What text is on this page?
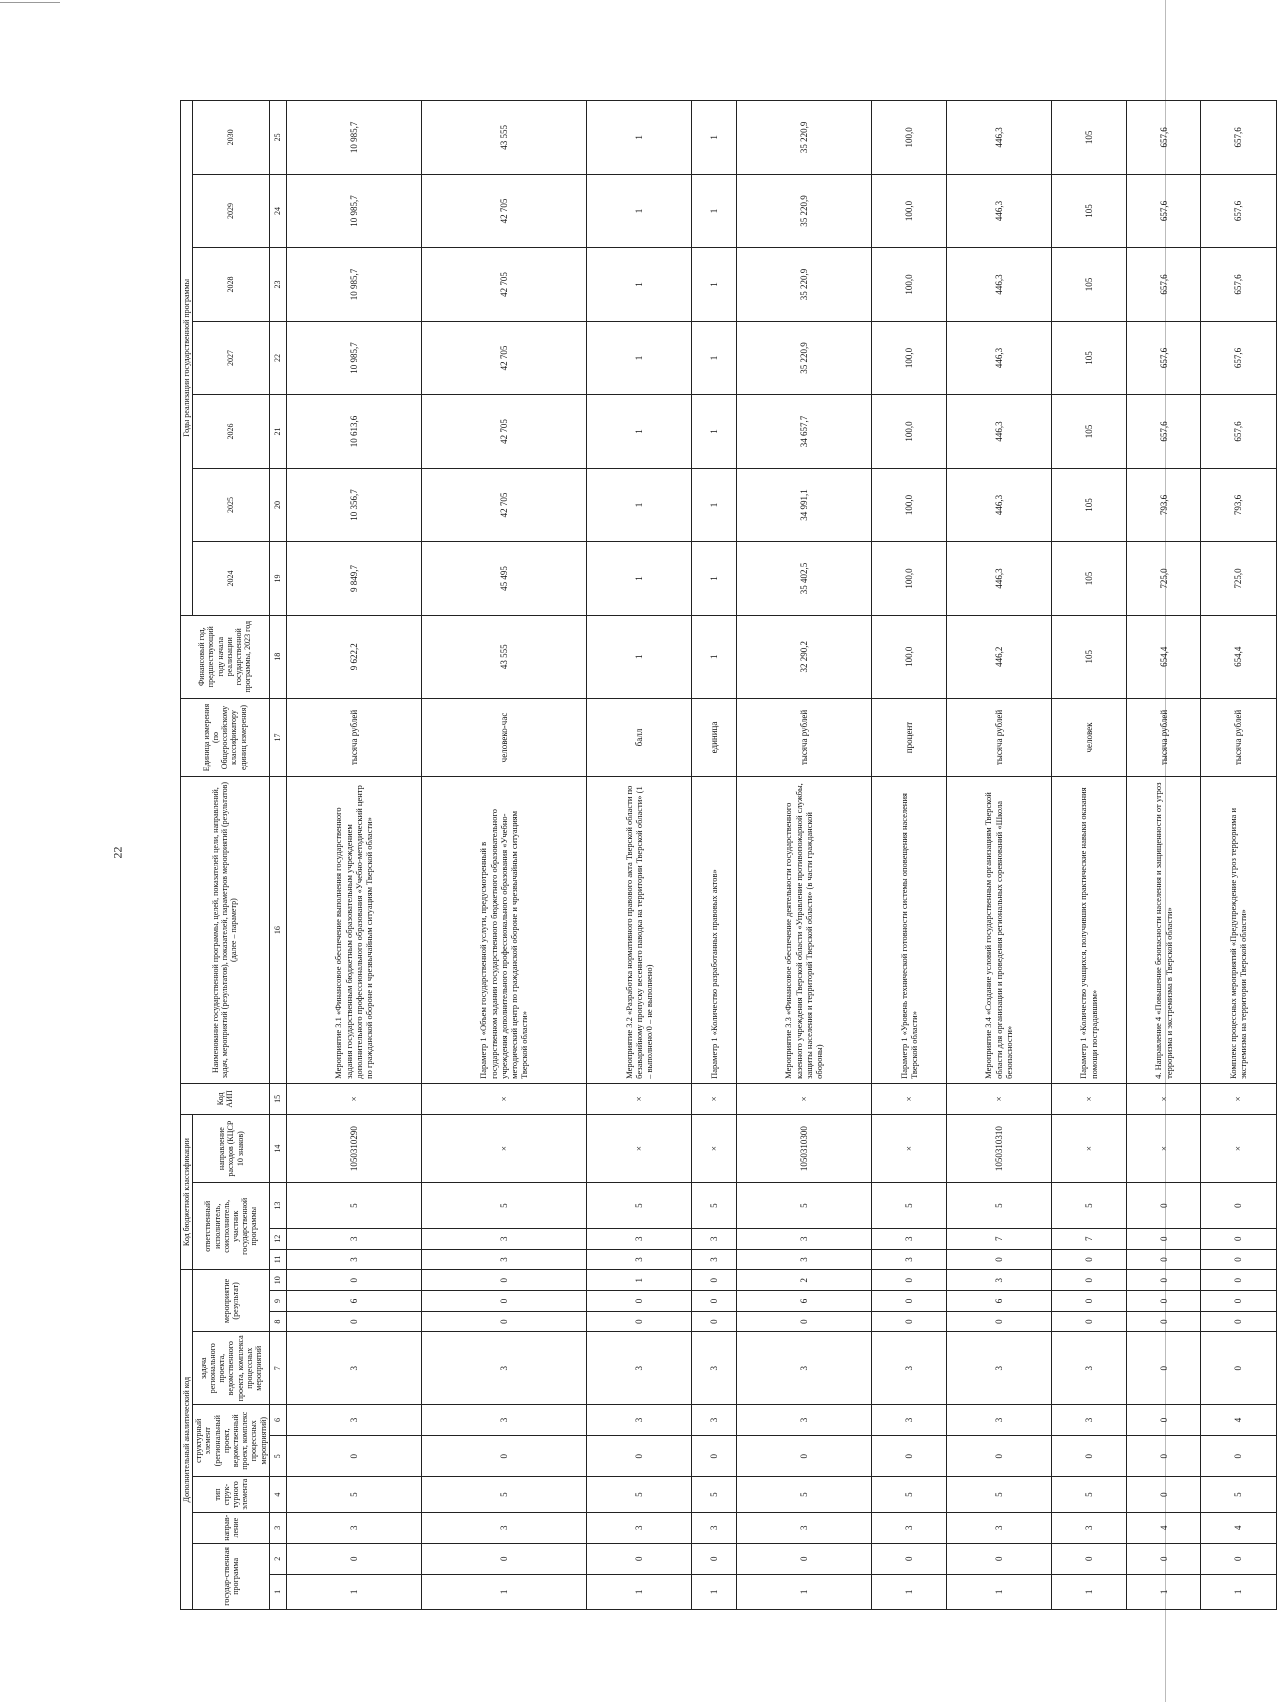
22
Дополнительный аналитический код										Код бюджетной классификации				Код АИП	Наименование государственной программы, целей, показателей цели, направлений, задач, мероприятий (результатов), показателей, параметров мероприятий (результатов) (далее – параметр)	Единица измерения (по Общероссийскому классификатору единиц измерения)	Финансовый год, предшествующий году начала реализации государственной программы, 2023 год	Годы реализации государственной программы						
государ-ственная программа		направ-ление	тип струк-турного элемента	структурный элемент (региональный проект, ведомственный проект, комплекс процессных мероприятий)		задача регионального проекта, ведомственного проекта, комплекса процессных мероприятий	мероприятие (результат)			ответственный исполнитель, соисполнитель, участник государственной программы			направление расходов (КЦСР 10 знаков)					2024	2025	2026	2027	2028	2029	2030

1	2	3	4	5	6	7	8	9	10	11	12	13	14	15	16	17	18	19	20	21	22	23	24	25
1	0	3	5	0	3	3	0	6	0	3	3	5	1050310290	×	Мероприятие 3.1 «Финансовое обеспечение выполнения государственного задания государственным бюджетным образовательным учреждением дополнительного профессионального образования «Учебно-методический центр по гражданской обороне и чрезвычайным ситуациям Тверской области»	тысяча рублей	9 622,2	9 849,7	10 356,7	10 613,6	10 985,7	10 985,7	10 985,7	10 985,7
1	0	3	5	0	3	3	0	0	0	3	3	5	×	×	Параметр 1 «Объем государственной услуги, предусмотренный в государственном задании государственного бюджетного образовательного учреждения дополнительного профессионального образования «Учебно-методический центр по гражданской обороне и чрезвычайным ситуациям Тверской области»	человеко-час	43 555	45 495	42 705	42 705	42 705	42 705	42 705	43 555
1	0	3	5	0	3	3	0	0	1	3	3	5	×	×	Мероприятие 3.2 «Разработка нормативного правового акта Тверской области по безаварийному пропуску весеннего паводка на территории Тверской области» (1 – выполнено/0 – не выполнено)	балл	1	1	1	1	1	1	1	1
1	0	3	5	0	3	3	0	0	0	3	3	5	×	×	Параметр 1 «Количество разработанных правовых актов»	единица	1	1	1	1	1	1	1	1
1	0	3	5	0	3	3	0	6	2	3	3	5	1050310300	×	Мероприятие 3.3 «Финансовое обеспечение деятельности государственного казенного учреждения Тверской области «Управление противопожарной службы, защиты населения и территорий Тверской области» (в части гражданской обороны)	тысяча рублей	32 290,2	35 402,5	34 991,1	34 657,7	35 220,9	35 220,9	35 220,9	35 220,9
1	0	3	5	0	3	3	0	0	0	3	3	5	×	×	Параметр 1 «Уровень технической готовности системы оповещения населения Тверской области»	процент	100,0	100,0	100,0	100,0	100,0	100,0	100,0	100,0
1	0	3	5	0	3	3	0	6	3	0	7	5	1050310310	×	Мероприятие 3.4 «Создание условий государственным организациям Тверской области для организации и проведения региональных соревнований «Школа безопасности»	тысяча рублей	446,2	446,3	446,3	446,3	446,3	446,3	446,3	446,3
1	0	3	5	0	3	3	0	0	0	0	7	5	×	×	Параметр 1 «Количество учащихся, получивших практические навыки оказания помощи пострадавшим»	человек	105	105	105	105	105	105	105	105
1	0	4	0	0	0	0	0	0	0	0	0	0	×	×	4. Направление 4 «Повышение безопасности населения и защищенности от угроз терроризма и экстремизма в Тверской области»	тысяча рублей	654,4	725,0	793,6	657,6	657,6	657,6	657,6	657,6
1	0	4	5	0	4	0	0	0	0	0	0	0	×	×	Комплекс процессных мероприятий «Предупреждение угроз терроризма и экстремизма на территории Тверской области»	тысяча рублей	654,4	725,0	793,6	657,6	657,6	657,6	657,6	657,6
